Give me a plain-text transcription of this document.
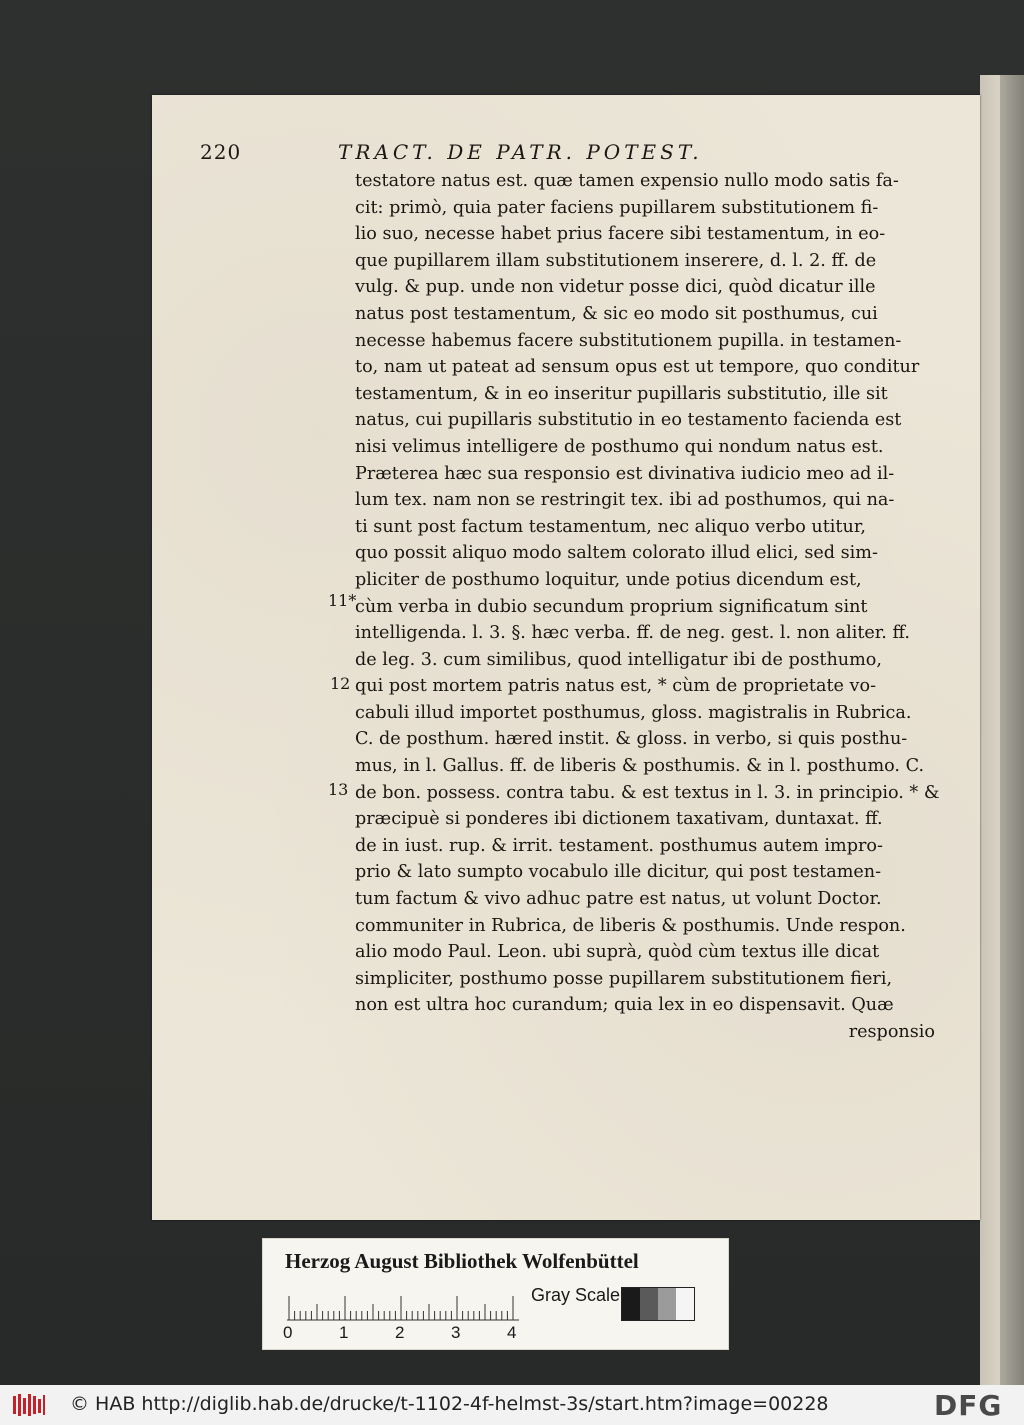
220	TRACT. DE PATR. POTEST.
testatore natus est. quæ tamen expensio nullo modo satis fa-
cit: primò, quia pater faciens pupillarem substitutionem fi-
lio suo, necesse habet prius facere sibi testamentum, in eo-
que pupillarem illam substitutionem inserere, d. l. 2. ff. de
vulg. & pup. unde non videtur posse dici, quòd dicatur ille
natus post testamentum, & sic eo modo sit posthumus, cui
necesse habemus facere substitutionem pupilla. in testamen-
to, nam ut pateat ad sensum opus est ut tempore, quo conditur
testamentum, & in eo inseritur pupillaris substitutio, ille sit
natus, cui pupillaris substitutio in eo testamento facienda est
nisi velimus intelligere de posthumo qui nondum natus est.
Præterea hæc sua responsio est divinativa iudicio meo ad il-
lum tex. nam non se restringit tex. ibi ad posthumos, qui na-
ti sunt post factum testamentum, nec aliquo verbo utitur,
quo possit aliquo modo saltem colorato illud elici, sed sim-
pliciter de posthumo loquitur, unde potius dicendum est,
cùm verba in dubio secundum proprium significatum sint
intelligenda. l. 3. §. hæc verba. ff. de neg. gest. l. non aliter. ff.
de leg. 3. cum similibus, quod intelligatur ibi de posthumo,
qui post mortem patris natus est, * cùm de proprietate vo-
cabuli illud importet posthumus, gloss. magistralis in Rubrica.
C. de posthum. hæred instit. & gloss. in verbo, si quis posthu-
mus, in l. Gallus. ff. de liberis & posthumis. & in l. posthumo. C.
de bon. possess. contra tabu. & est textus in l. 3. in principio. * &
præcipuè si ponderes ibi dictionem taxativam, duntaxat. ff.
de in iust. rup. & irrit. testament. posthumus autem impro-
prio & lato sumpto vocabulo ille dicitur, qui post testamen-
tum factum & vivo adhuc patre est natus, ut volunt Doctor.
communiter in Rubrica, de liberis & posthumis. Unde respon.
alio modo Paul. Leon. ubi suprà, quòd cùm textus ille dicat
simpliciter, posthumo posse pupillarem substitutionem fieri,
non est ultra hoc curandum; quia lex in eo dispensavit. Quæ
responsio
11*
12
13
Herzog August Bibliothek Wolfenbüttel
0	1	2	3	4
Gray Scale
© HAB http://diglib.hab.de/drucke/t-1102-4f-helmst-3s/start.htm?image=00228	DFG
